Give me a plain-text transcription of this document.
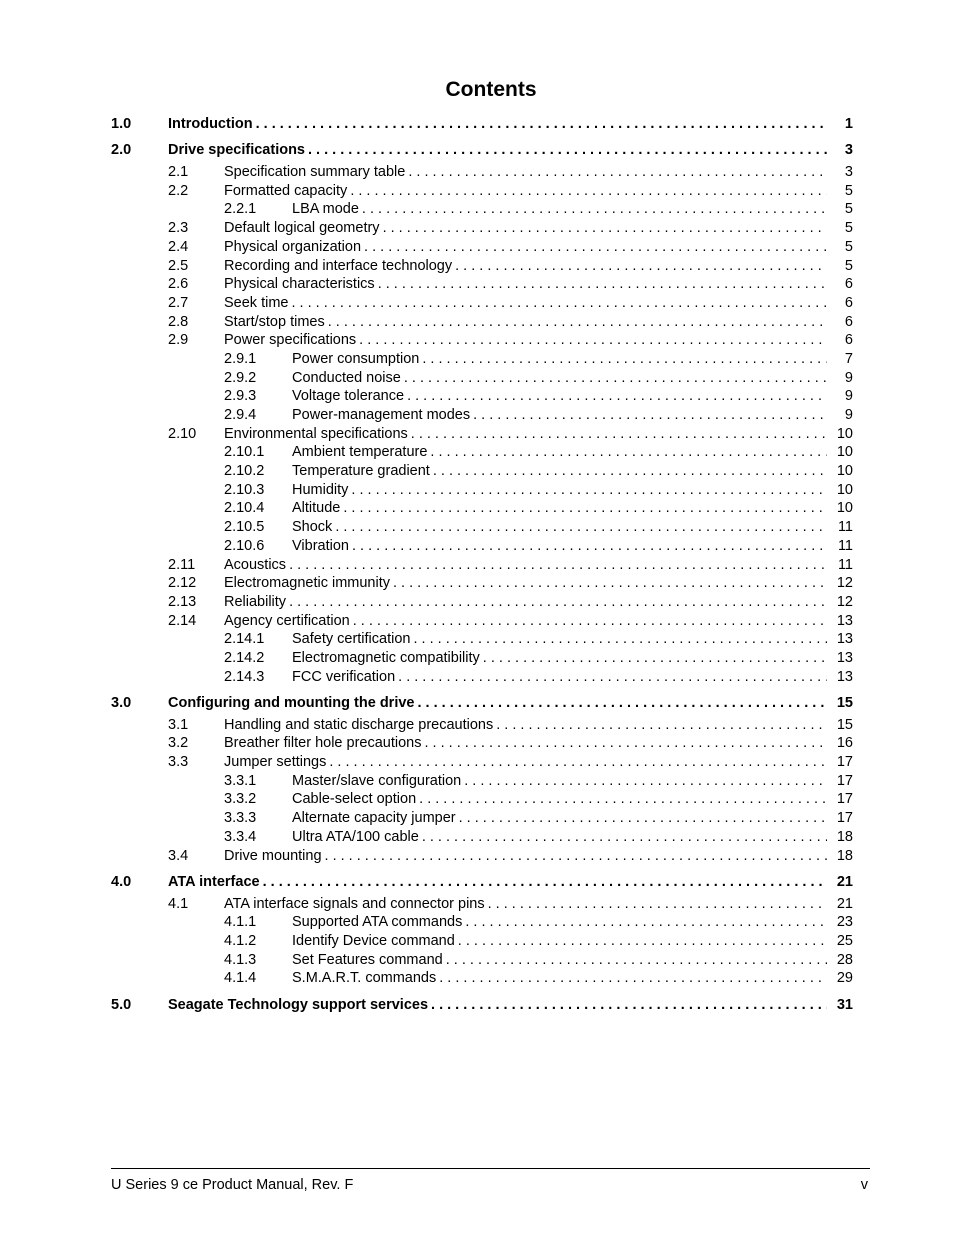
Contents
1.0	Introduction . . .	1
2.0	Drive specifications . . .	3
2.1 Specification summary table . . .	3
2.2 Formatted capacity . . .	5
2.2.1 LBA mode . . .	5
2.3 Default logical geometry . . .	5
2.4 Physical organization . . .	5
2.5 Recording and interface technology . . .	5
2.6 Physical characteristics . . .	6
2.7 Seek time . . .	6
2.8 Start/stop times . . .	6
2.9 Power specifications . . .	6
2.9.1 Power consumption . . .	7
2.9.2 Conducted noise . . .	9
2.9.3 Voltage tolerance . . .	9
2.9.4 Power-management modes . . .	9
2.10 Environmental specifications . . .	10
2.10.1 Ambient temperature . . .	10
2.10.2 Temperature gradient . . .	10
2.10.3 Humidity . . .	10
2.10.4 Altitude . . .	10
2.10.5 Shock . . .	11
2.10.6 Vibration . . .	11
2.11 Acoustics . . .	11
2.12 Electromagnetic immunity . . .	12
2.13 Reliability . . .	12
2.14 Agency certification . . .	13
2.14.1 Safety certification . . .	13
2.14.2 Electromagnetic compatibility . . .	13
2.14.3 FCC verification . . .	13
3.0	Configuring and mounting the drive . . .	15
3.1 Handling and static discharge precautions . . .	15
3.2 Breather filter hole precautions . . .	16
3.3 Jumper settings . . .	17
3.3.1 Master/slave configuration . . .	17
3.3.2 Cable-select option . . .	17
3.3.3 Alternate capacity jumper . . .	17
3.3.4 Ultra ATA/100 cable . . .	18
3.4 Drive mounting . . .	18
4.0	ATA interface . . .	21
4.1 ATA interface signals and connector pins . . .	21
4.1.1 Supported ATA commands . . .	23
4.1.2 Identify Device command . . .	25
4.1.3 Set Features command . . .	28
4.1.4 S.M.A.R.T. commands . . .	29
5.0	Seagate Technology support services . . .	31
U Series 9 ce Product Manual, Rev. F	v
